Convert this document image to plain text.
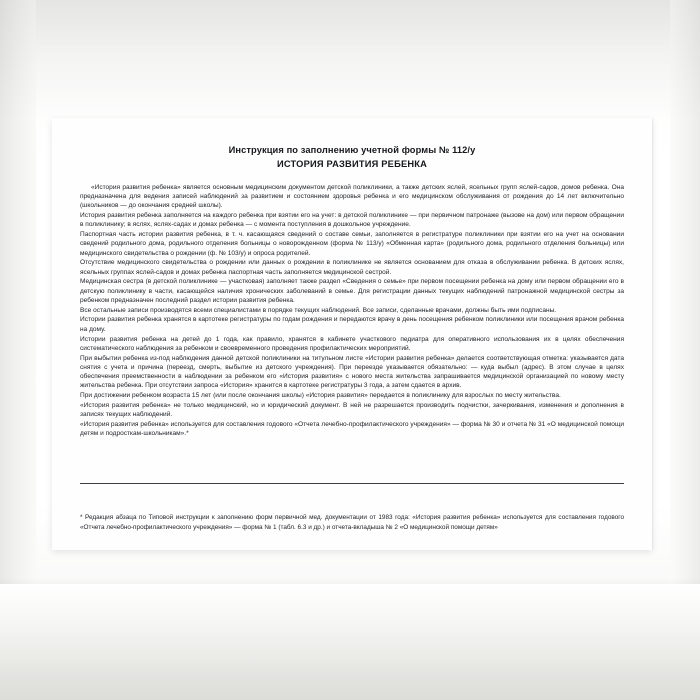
Инструкция по заполнению учетной формы № 112/у
ИСТОРИЯ РАЗВИТИЯ РЕБЕНКА

«История развития ребенка» является основным медицинским документом детской поликлиники, а также детских яслей, ясельных групп яслей-садов, домов ребенка. Она предназначена для ведения записей наблюдений за развитием и состоянием здоровья ребенка и его медицинском обслуживания от рождения до 14 лет включительно (школьников — до окончания средней школы).

История развития ребенка заполняется на каждого ребенка при взятии его на учет: в детской поликлинике — при первичном патронаже (вызове на дом) или первом обращении в поликлинику; в яслях, яслях-садах и домах ребенка — с момента поступления в дошкольное учреждение.

Паспортная часть истории развития ребенка, в т. ч. касающаяся сведений о составе семьи, заполняется в регистратуре поликлиники при взятии его на учет на основании сведений родильного дома, родильного отделения больницы о новорожденном (форма № 113/у) «Обменная карта» (родильного дома, родильного отделения больницы) или медицинского свидетельства о рождении (ф. № 103/у) и опроса родителей.

Отсутствие медицинского свидетельства о рождении или данных о рождении в поликлинике не является основанием для отказа в обслуживании ребенка. В детских яслях, ясельных группах яслей-садов и домах ребенка паспортная часть заполняется медицинской сестрой.

Медицинская сестра (в детской поликлинике — участковая) заполняет также раздел «Сведения о семье» при первом посещении ребенка на дому или первом обращении его в детскую поликлинику в части, касающейся наличия хронических заболеваний в семье. Для регистрации данных текущих наблюдений патронажной медицинской сестры за ребенком предназначен последний раздел истории развития ребенка.

Все остальные записи производятся всеми специалистами в порядке текущих наблюдений. Все записи, сделанные врачами, должны быть ими подписаны.

Истории развития ребенка хранятся в картотеке регистратуры по годам рождения и передаются врачу в день посещения ребенком поликлиники или посещения врачом ребенка на дому.

Истории развития ребенка на детей до 1 года, как правило, хранятся в кабинете участкового педиатра для оперативного использования их в целях обеспечения систематического наблюдения за ребенком и своевременного проведения профилактических мероприятий.

При выбытии ребенка из-под наблюдения данной детской поликлиники на титульном листе «Истории развития ребенка» делается соответствующая отметка: указывается дата снятия с учета и причина (переезд, смерть, выбытие из детского учреждения). При переезде указывается обязательно: — куда выбыл (адрес). В этом случае в целях обеспечения преемственности в наблюдении за ребенком его «История развития» с нового места жительства запрашивается медицинской организацией по новому месту жительства ребенка. При отсутствии запроса «История» хранится в картотеке регистратуры 3 года, а затем сдается в архив.

При достижении ребенком возраста 15 лет (или после окончания школы) «История развития» передается в поликлинику для взрослых по месту жительства.

«История развития ребенка» не только медицинский, но и юридический документ. В ней не разрешается производить подчистки, зачеркивания, изменения и дополнения в записях текущих наблюдений.

«История развития ребенка» используется для составления годового «Отчета лечебно-профилактического учреждения» — форма № 30 и отчета № 31 «О медицинской помощи детям и подросткам-школьникам».*

* Редакция абзаца по Типовой инструкции к заполнению форм первичной мед. документации от 1983 года: «История развития ребенка» используется для составления годового «Отчета лечебно-профилактического учреждения» — форма № 1 (табл. 6.3 и др.) и отчета-вкладыша № 2 «О медицинской помощи детям»
